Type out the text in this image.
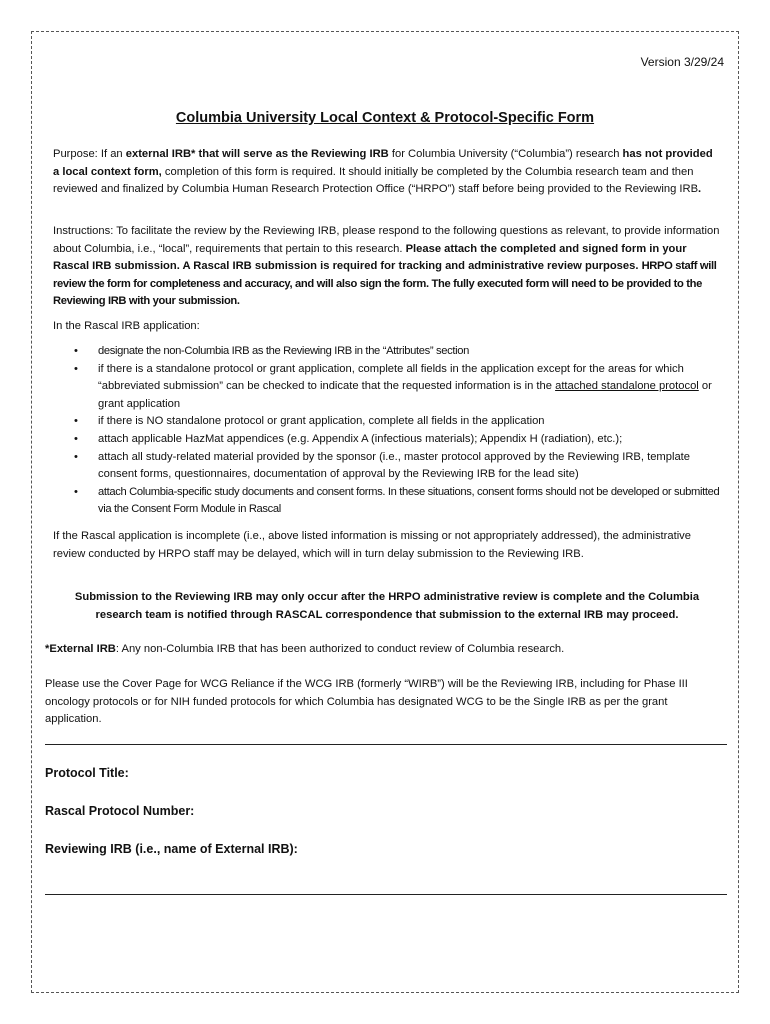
Version 3/29/24
Columbia University Local Context & Protocol-Specific Form

Purpose: If an external IRB* that will serve as the Reviewing IRB for Columbia University (“Columbia”) research has not provided a local context form, completion of this form is required. It should initially be completed by the Columbia research team and then reviewed and finalized by Columbia Human Research Protection Office (“HRPO”) staff before being provided to the Reviewing IRB.

Instructions: To facilitate the review by the Reviewing IRB, please respond to the following questions as relevant, to provide information about Columbia, i.e., “local”, requirements that pertain to this research. Please attach the completed and signed form in your Rascal IRB submission. A Rascal IRB submission is required for tracking and administrative review purposes. HRPO staff will review the form for completeness and accuracy, and will also sign the form. The fully executed form will need to be provided to the Reviewing IRB with your submission.

In the Rascal IRB application:
• designate the non-Columbia IRB as the Reviewing IRB in the “Attributes” section
• if there is a standalone protocol or grant application, complete all fields in the application except for the areas for which “abbreviated submission” can be checked to indicate that the requested information is in the attached standalone protocol or grant application
• if there is NO standalone protocol or grant application, complete all fields in the application
• attach applicable HazMat appendices (e.g. Appendix A (infectious materials); Appendix H (radiation), etc.);
• attach all study-related material provided by the sponsor (i.e., master protocol approved by the Reviewing IRB, template consent forms, questionnaires, documentation of approval by the Reviewing IRB for the lead site)
• attach Columbia-specific study documents and consent forms. In these situations, consent forms should not be developed or submitted via the Consent Form Module in Rascal
If the Rascal application is incomplete (i.e., above listed information is missing or not appropriately addressed), the administrative review conducted by HRPO staff may be delayed, which will in turn delay submission to the Reviewing IRB.
Submission to the Reviewing IRB may only occur after the HRPO administrative review is complete and the Columbia research team is notified through RASCAL correspondence that submission to the external IRB may proceed.
*External IRB: Any non-Columbia IRB that has been authorized to conduct review of Columbia research.
Please use the Cover Page for WCG Reliance if the WCG IRB (formerly “WIRB”) will be the Reviewing IRB, including for Phase III oncology protocols or for NIH funded protocols for which Columbia has designated WCG to be the Single IRB as per the grant application.
Protocol Title:
Rascal Protocol Number:
Reviewing IRB (i.e., name of External IRB):
